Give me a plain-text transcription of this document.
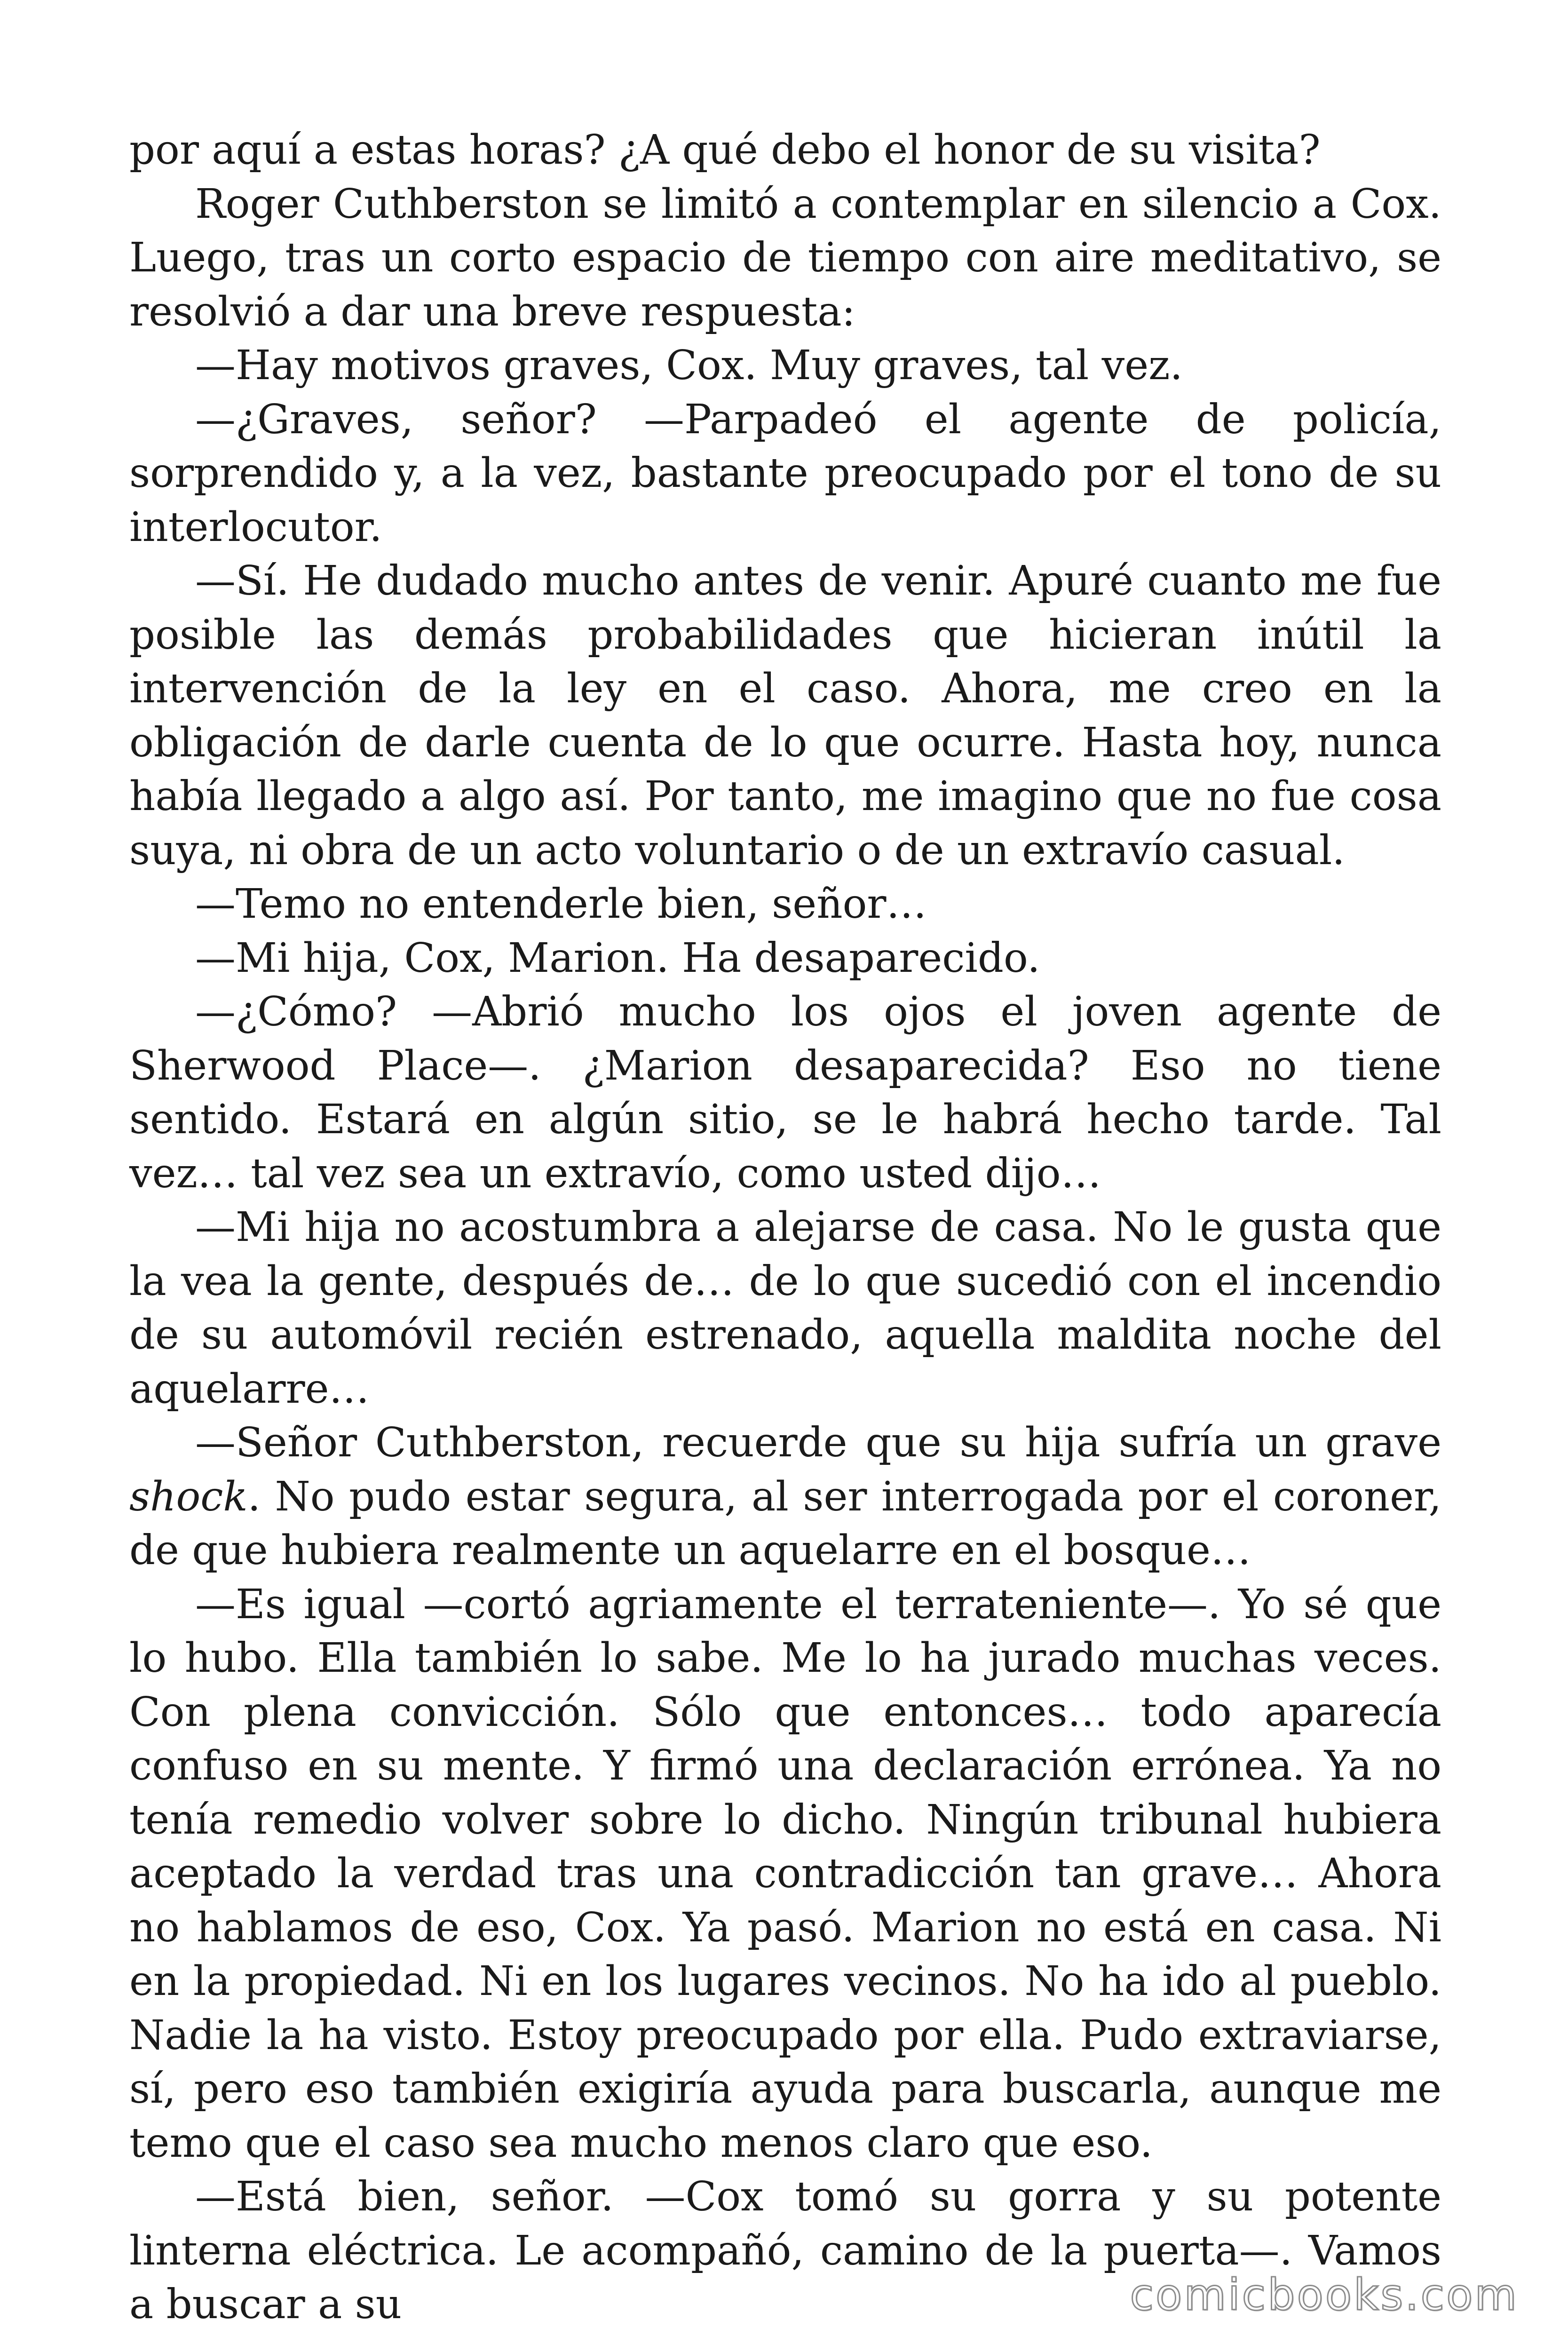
por aquí a estas horas? ¿A qué debo el honor de su visita?

Roger Cuthberston se limitó a contemplar en silencio a Cox. Luego, tras un corto espacio de tiempo con aire meditativo, se resolvió a dar una breve respuesta:

—Hay motivos graves, Cox. Muy graves, tal vez.

—¿Graves, señor? —Parpadeó el agente de policía, sorprendido y, a la vez, bastante preocupado por el tono de su interlocutor.

—Sí. He dudado mucho antes de venir. Apuré cuanto me fue posible las demás probabilidades que hicieran inútil la intervención de la ley en el caso. Ahora, me creo en la obligación de darle cuenta de lo que ocurre. Hasta hoy, nunca había llegado a algo así. Por tanto, me imagino que no fue cosa suya, ni obra de un acto voluntario o de un extravío casual.

—Temo no entenderle bien, señor…

—Mi hija, Cox, Marion. Ha desaparecido.

—¿Cómo? —Abrió mucho los ojos el joven agente de Sherwood Place—. ¿Marion desaparecida? Eso no tiene sentido. Estará en algún sitio, se le habrá hecho tarde. Tal vez… tal vez sea un extravío, como usted dijo…

—Mi hija no acostumbra a alejarse de casa. No le gusta que la vea la gente, después de… de lo que sucedió con el incendio de su automóvil recién estrenado, aquella maldita noche del aquelarre…

—Señor Cuthberston, recuerde que su hija sufría un grave shock. No pudo estar segura, al ser interrogada por el coroner, de que hubiera realmente un aquelarre en el bosque…

—Es igual —cortó agriamente el terrateniente—. Yo sé que lo hubo. Ella también lo sabe. Me lo ha jurado muchas veces. Con plena convicción. Sólo que entonces… todo aparecía confuso en su mente. Y firmó una declaración errónea. Ya no tenía remedio volver sobre lo dicho. Ningún tribunal hubiera aceptado la verdad tras una contradicción tan grave… Ahora no hablamos de eso, Cox. Ya pasó. Marion no está en casa. Ni en la propiedad. Ni en los lugares vecinos. No ha ido al pueblo. Nadie la ha visto. Estoy preocupado por ella. Pudo extraviarse, sí, pero eso también exigiría ayuda para buscarla, aunque me temo que el caso sea mucho menos claro que eso.

—Está bien, señor. —Cox tomó su gorra y su potente linterna eléctrica. Le acompañó, camino de la puerta—. Vamos a buscar a su	comicbooks.com
